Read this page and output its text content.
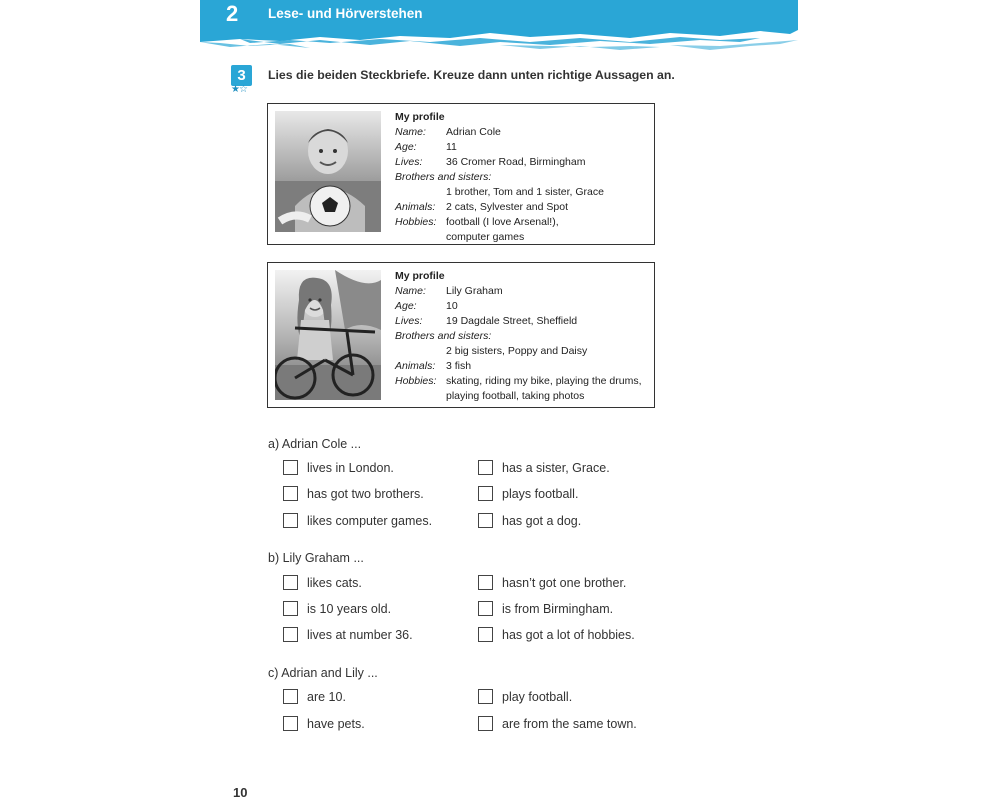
2 Lese- und Hörverstehen
3
★☆
Lies die beiden Steckbriefe. Kreuze dann unten richtige Aussagen an.
My profile
Name: Adrian Cole
Age:	11
Lives: 36 Cromer Road, Birmingham
Brothers and sisters:
1 brother, Tom and 1 sister, Grace
Animals: 2 cats, Sylvester and Spot
Hobbies: football (I love Arsenal!),
computer games
My profile
Name: Lily Graham
Age:	10
Lives: 19 Dagdale Street, Sheffield
Brothers and sisters:
2 big sisters, Poppy and Daisy
Animals: 3 fish
Hobbies: skating, riding my bike, playing the drums,
playing football, taking photos
a) Adrian Cole ...
lives in London.	has a sister, Grace.
has got two brothers.	plays football.
likes computer games.	has got a dog.
b) Lily Graham ...
likes cats.	hasn’t got one brother.
is 10 years old.	is from Birmingham.
lives at number 36.	has got a lot of hobbies.
c) Adrian and Lily ...
are 10.	play football.
have pets.	are from the same town.
10
